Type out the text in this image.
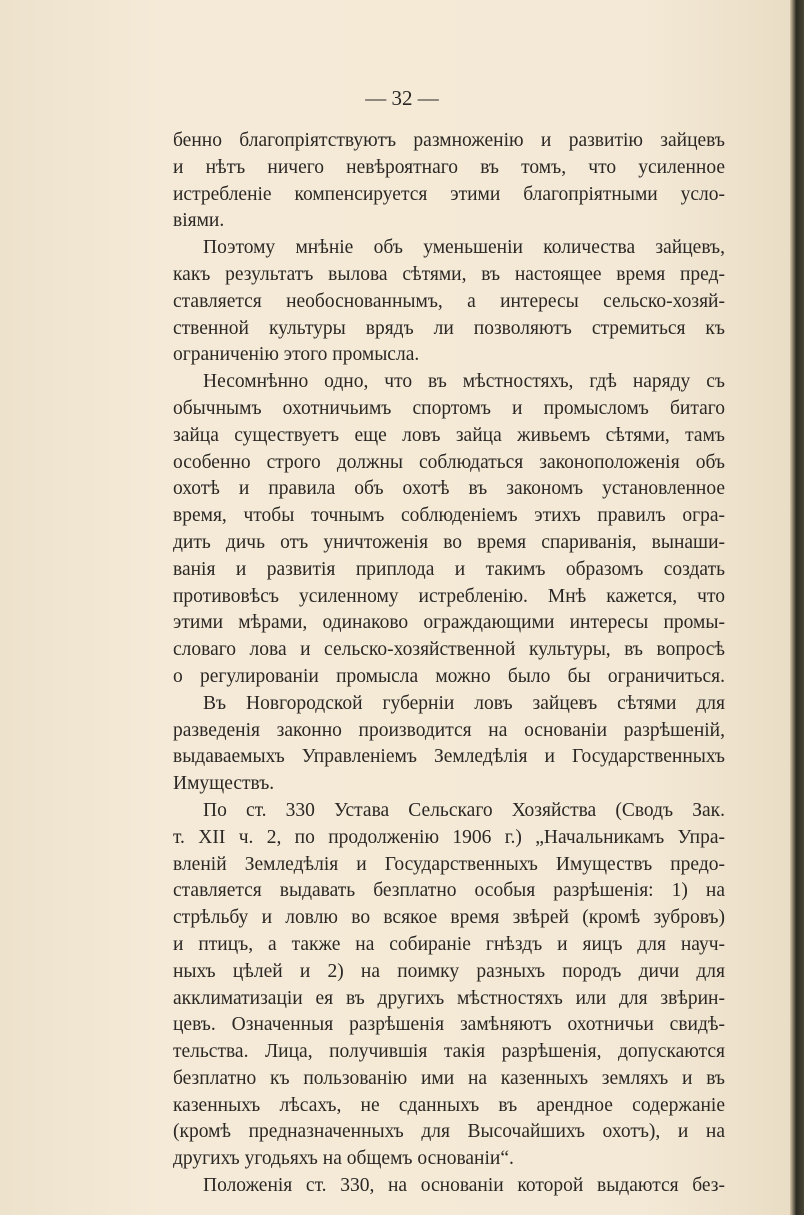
— 32 —
бенно благопріятствуютъ размноженію и развитію зайцевъ
и нѣтъ ничего невѣроятнаго въ томъ, что усиленное
истребленіе компенсируется этими благопріятными усло-
віями.
Поэтому мнѣніе объ уменьшеніи количества зайцевъ,
какъ результатъ вылова сѣтями, въ настоящее время пред-
ставляется необоснованнымъ, а интересы сельско-хозяй-
ственной культуры врядъ ли позволяютъ стремиться къ
ограниченію этого промысла.
Несомнѣнно одно, что въ мѣстностяхъ, гдѣ наряду съ
обычнымъ охотничьимъ спортомъ и промысломъ битаго
зайца существуетъ еще ловъ зайца живьемъ сѣтями, тамъ
особенно строго должны соблюдаться законоположенія объ
охотѣ и правила объ охотѣ въ закономъ установленное
время, чтобы точнымъ соблюденіемъ этихъ правилъ огра-
дить дичь отъ уничтоженія во время спариванія, вынаши-
ванія и развитія приплода и такимъ образомъ создать
противовѣсъ усиленному истребленію. Мнѣ кажется, что
этими мѣрами, одинаково ограждающими интересы промы-
словаго лова и сельско-хозяйственной культуры, въ вопросѣ
о регулированіи промысла можно было бы ограничиться.
Въ Новгородской губерніи ловъ зайцевъ сѣтями для
разведенія законно производится на основаніи разрѣшеній,
выдаваемыхъ Управленіемъ Земледѣлія и Государственныхъ
Имуществъ.
По ст. 330 Устава Сельскаго Хозяйства (Сводъ Зак.
т. XII ч. 2, по продолженію 1906 г.) „Начальникамъ Упра-
вленій Земледѣлія и Государственныхъ Имуществъ предо-
ставляется выдавать безплатно особыя разрѣшенія: 1) на
стрѣльбу и ловлю во всякое время звѣрей (кромѣ зубровъ)
и птицъ, а также на собираніе гнѣздъ и яицъ для науч-
ныхъ цѣлей и 2) на поимку разныхъ породъ дичи для
акклиматизаціи ея въ другихъ мѣстностяхъ или для звѣрин-
цевъ. Означенныя разрѣшенія замѣняютъ охотничьи свидѣ-
тельства. Лица, получившія такія разрѣшенія, допускаются
безплатно къ пользованію ими на казенныхъ земляхъ и въ
казенныхъ лѣсахъ, не сданныхъ въ арендное содержаніе
(кромѣ предназначенныхъ для Высочайшихъ охотъ), и на
другихъ угодьяхъ на общемъ основаніи“.
Положенія ст. 330, на основаніи которой выдаются без-
